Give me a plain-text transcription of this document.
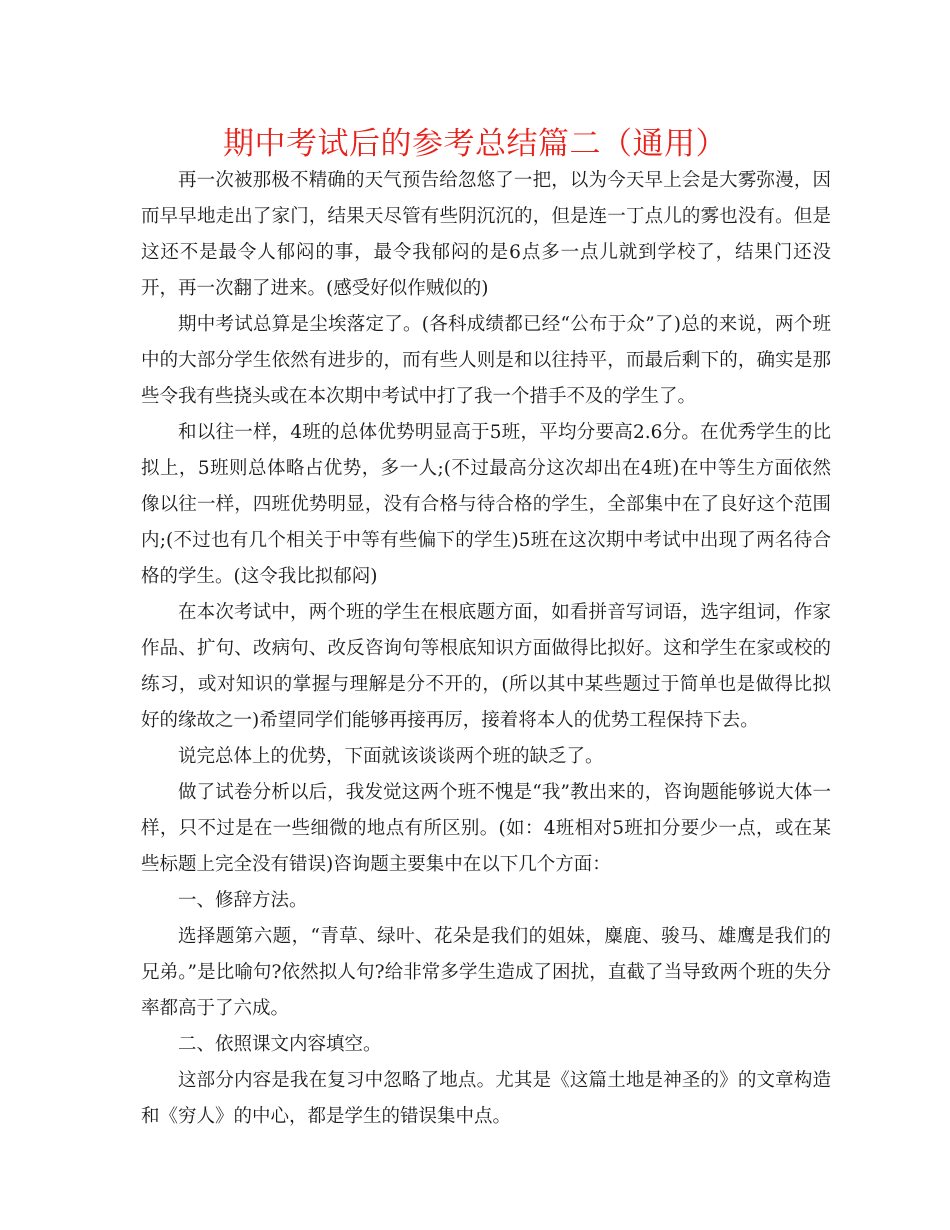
期中考试后的参考总结篇二（通用）

再一次被那极不精确的天气预告给忽悠了一把，以为今天早上会是大雾弥漫，因而早早地走出了家门，结果天尽管有些阴沉沉的，但是连一丁点儿的雾也没有。但是这还不是最令人郁闷的事，最令我郁闷的是6点多一点儿就到学校了，结果门还没开，再一次翻了进来。(感受好似作贼似的)

期中考试总算是尘埃落定了。(各科成绩都已经“公布于众”了)总的来说，两个班中的大部分学生依然有进步的，而有些人则是和以往持平，而最后剩下的，确实是那些令我有些挠头或在本次期中考试中打了我一个措手不及的学生了。

和以往一样，4班的总体优势明显高于5班，平均分要高2.6分。在优秀学生的比拟上，5班则总体略占优势，多一人;(不过最高分这次却出在4班)在中等生方面依然像以往一样，四班优势明显，没有合格与待合格的学生，全部集中在了良好这个范围内;(不过也有几个相关于中等有些偏下的学生)5班在这次期中考试中出现了两名待合格的学生。(这令我比拟郁闷)

在本次考试中，两个班的学生在根底题方面，如看拼音写词语，选字组词，作家作品、扩句、改病句、改反咨询句等根底知识方面做得比拟好。这和学生在家或校的练习，或对知识的掌握与理解是分不开的，(所以其中某些题过于简单也是做得比拟好的缘故之一)希望同学们能够再接再厉，接着将本人的优势工程保持下去。

说完总体上的优势，下面就该谈谈两个班的缺乏了。

做了试卷分析以后，我发觉这两个班不愧是“我”教出来的，咨询题能够说大体一样，只不过是在一些细微的地点有所区别。(如：4班相对5班扣分要少一点，或在某些标题上完全没有错误)咨询题主要集中在以下几个方面：

一、修辞方法。

选择题第六题，“青草、绿叶、花朵是我们的姐妹，麋鹿、骏马、雄鹰是我们的兄弟。”是比喻句?依然拟人句?给非常多学生造成了困扰，直截了当导致两个班的失分率都高于了六成。

二、依照课文内容填空。

这部分内容是我在复习中忽略了地点。尤其是《这篇土地是神圣的》的文章构造和《穷人》的中心，都是学生的错误集中点。
